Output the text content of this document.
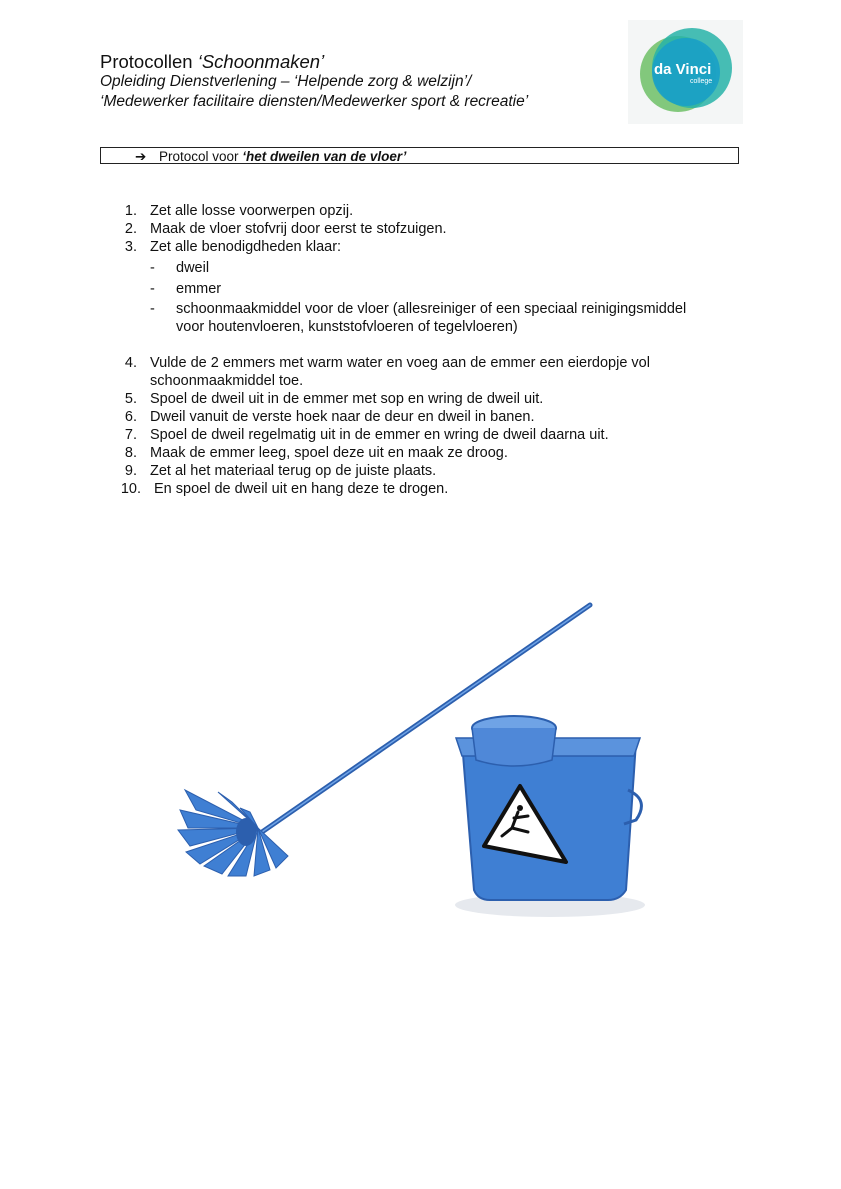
Protocollen ‘Schoonmaken’
Opleiding Dienstverlening – ‘Helpende zorg & welzijn’/
‘Medewerker facilitaire diensten/Medewerker sport & recreatie’
da Vinci
college
➔ Protocol voor ‘het dweilen van de vloer’
1. Zet alle losse voorwerpen opzij.
2. Maak de vloer stofvrij door eerst te stofzuigen.
3. Zet alle benodigdheden klaar:
- dweil
- emmer
- schoonmaakmiddel voor de vloer (allesreiniger of een speciaal reinigingsmiddel
voor houtenvloeren, kunststofvloeren of tegelvloeren)
4. Vulde de 2 emmers met warm water en voeg aan de emmer een eierdopje vol
schoonmaakmiddel toe.
5. Spoel de dweil uit in de emmer met sop en wring de dweil uit.
6. Dweil vanuit de verste hoek naar de deur en dweil in banen.
7. Spoel de dweil regelmatig uit in de emmer en wring de dweil daarna uit.
8. Maak de emmer leeg, spoel deze uit en maak ze droog.
9. Zet al het materiaal terug op de juiste plaats.
10. En spoel de dweil uit en hang deze te drogen.
